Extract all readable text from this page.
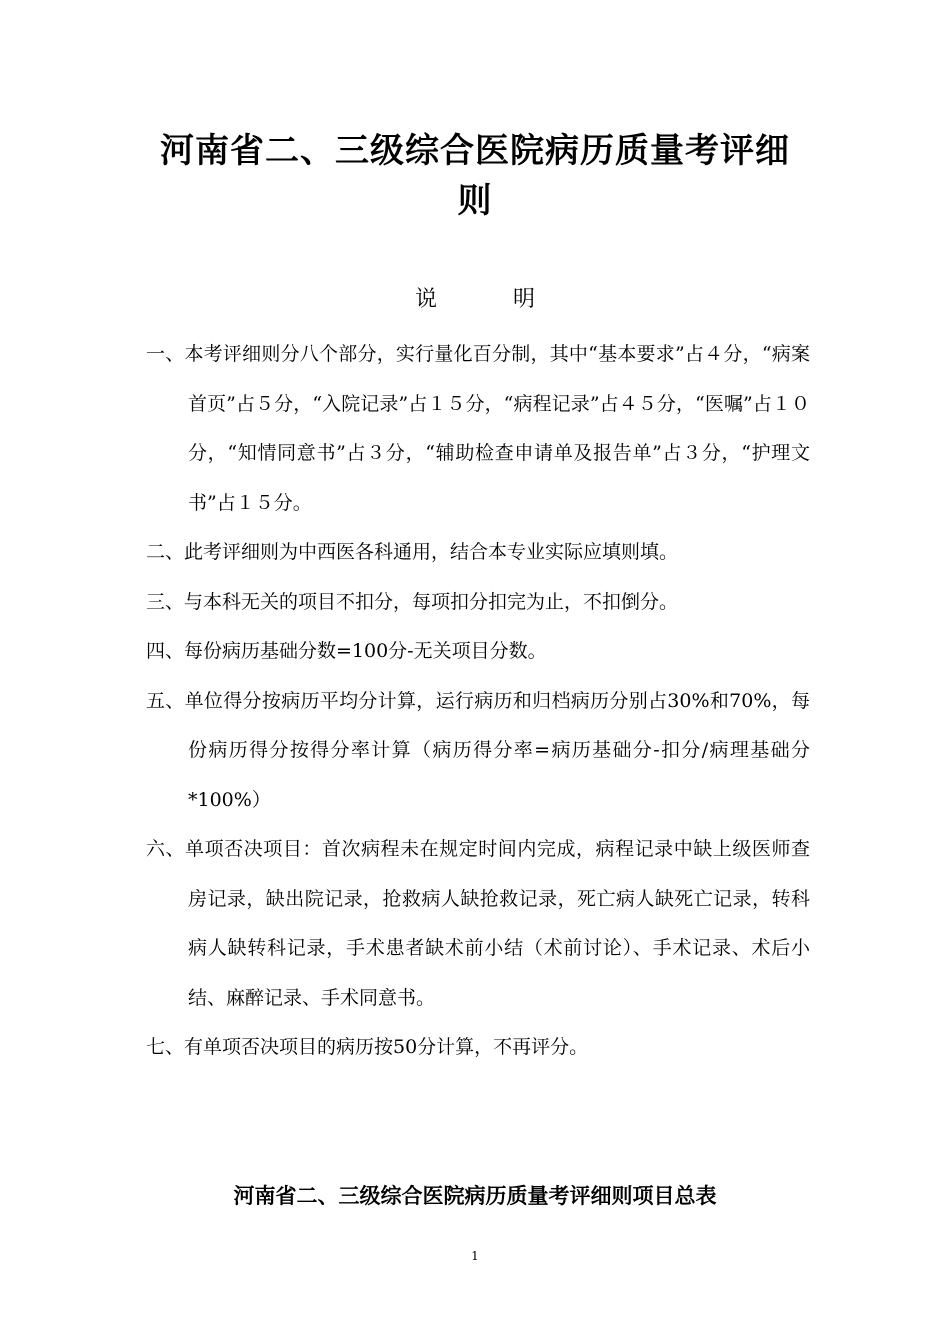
河南省二、三级综合医院病历质量考评细
则

说	明

一、本考评细则分八个部分，实行量化百分制，其中“基本要求”占４分，“病案首页”占５分，“入院记录”占１５分，“病程记录”占４５分，“医嘱”占１０分，“知情同意书”占３分，“辅助检查申请单及报告单”占３分，“护理文书”占１５分。
二、此考评细则为中西医各科通用，结合本专业实际应填则填。
三、与本科无关的项目不扣分，每项扣分扣完为止，不扣倒分。
四、每份病历基础分数=100分-无关项目分数。
五、单位得分按病历平均分计算，运行病历和归档病历分别占30%和70%，每份病历得分按得分率计算（病历得分率=病历基础分-扣分/病理基础分*100%）
六、单项否决项目：首次病程未在规定时间内完成，病程记录中缺上级医师查房记录，缺出院记录，抢救病人缺抢救记录，死亡病人缺死亡记录，转科病人缺转科记录，手术患者缺术前小结（术前讨论）、手术记录、术后小结、麻醉记录、手术同意书。
七、有单项否决项目的病历按50分计算，不再评分。
河南省二、三级综合医院病历质量考评细则项目总表
1
